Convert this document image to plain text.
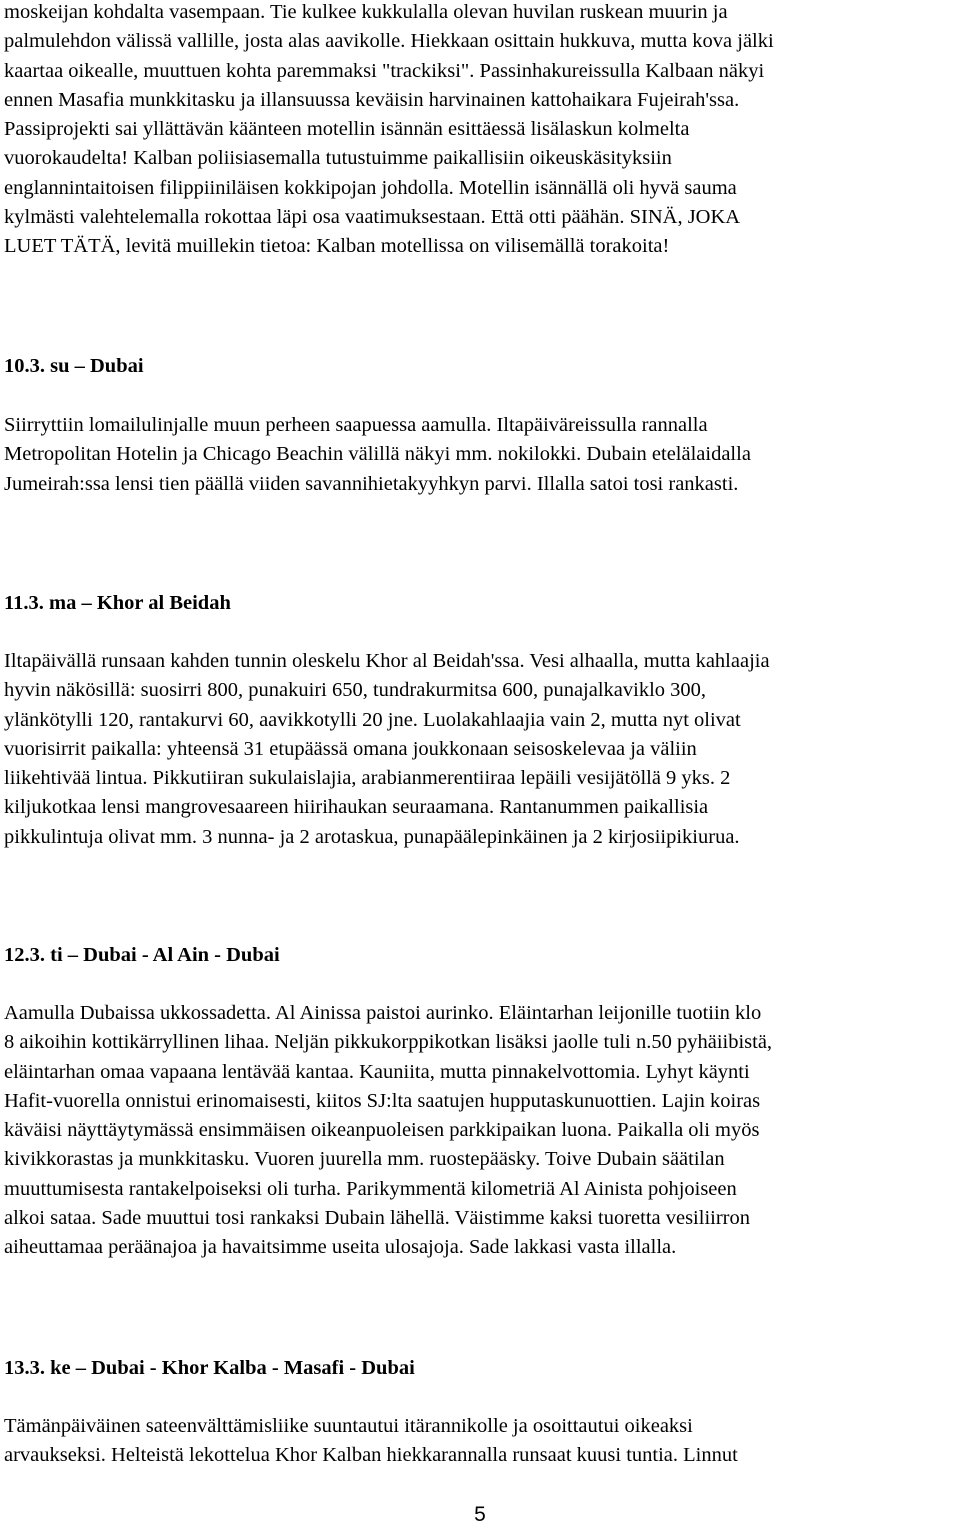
moskeijan kohdalta vasempaan. Tie kulkee kukkulalla olevan huvilan ruskean muurin ja
palmulehdon välissä vallille, josta alas aavikolle. Hiekkaan osittain hukkuva, mutta kova jälki
kaartaa oikealle, muuttuen kohta paremmaksi "trackiksi". Passinhakureissulla Kalbaan näkyi
ennen Masafia munkkitasku ja illansuussa keväisin harvinainen kattohaikara Fujeirah'ssa.
Passiprojekti sai yllättävän käänteen motellin isännän esittäessä lisälaskun kolmelta
vuorokaudelta! Kalban poliisiasemalla tutustuimme paikallisiin oikeuskäsityksiin
englannintaitoisen filippiiniläisen kokkipojan johdolla. Motellin isännällä oli hyvä sauma
kylmästi valehtelemalla rokottaa läpi osa vaatimuksestaan. Että otti päähän. SINÄ, JOKA
LUET TÄTÄ, levitä muillekin tietoa: Kalban motellissa on vilisemällä torakoita!

10.3. su – Dubai

Siirryttiin lomailulinjalle muun perheen saapuessa aamulla. Iltapäiväreissulla rannalla
Metropolitan Hotelin ja Chicago Beachin välillä näkyi mm. nokilokki. Dubain etelälaidalla
Jumeirah:ssa lensi tien päällä viiden savannihietakyyhkyn parvi. Illalla satoi tosi rankasti.

11.3. ma – Khor al Beidah

Iltapäivällä runsaan kahden tunnin oleskelu Khor al Beidah'ssa. Vesi alhaalla, mutta kahlaajia
hyvin näkösillä: suosirri 800, punakuiri 650, tundrakurmitsa 600, punajalkaviklo 300,
ylänkötylli 120, rantakurvi 60, aavikkotylli 20 jne. Luolakahlaajia vain 2, mutta nyt olivat
vuorisirrit paikalla: yhteensä 31 etupäässä omana joukkonaan seisoskelevaa ja väliin
liikehtivää lintua. Pikkutiiran sukulaislajia, arabianmerentiiraa lepäili vesijätöllä 9 yks. 2
kiljukotkaa lensi mangrovesaareen hiirihaukan seuraamana. Rantanummen paikallisia
pikkulintuja olivat mm. 3 nunna- ja 2 arotaskua, punapäälepinkäinen ja 2 kirjosiipikiurua.

12.3. ti – Dubai - Al Ain - Dubai

Aamulla Dubaissa ukkossadetta. Al Ainissa paistoi aurinko. Eläintarhan leijonille tuotiin klo
8 aikoihin kottikärryllinen lihaa. Neljän pikkukorppikotkan lisäksi jaolle tuli n.50 pyhäiibistä,
eläintarhan omaa vapaana lentävää kantaa. Kauniita, mutta pinnakelvottomia. Lyhyt käynti
Hafit-vuorella onnistui erinomaisesti, kiitos SJ:lta saatujen hupputaskunuottien. Lajin koiras
käväisi näyttäytymässä ensimmäisen oikeanpuoleisen parkkipaikan luona. Paikalla oli myös
kivikkorastas ja munkkitasku. Vuoren juurella mm. ruostepääsky. Toive Dubain säätilan
muuttumisesta rantakelpoiseksi oli turha. Parikymmentä kilometriä Al Ainista pohjoiseen
alkoi sataa. Sade muuttui tosi rankaksi Dubain lähellä. Väistimme kaksi tuoretta vesiliirron
aiheuttamaa peräänajoa ja havaitsimme useita ulosajoja. Sade lakkasi vasta illalla.

13.3. ke – Dubai - Khor Kalba - Masafi - Dubai

Tämänpäiväinen sateenvälttämisliike suuntautui itärannikolle ja osoittautui oikeaksi
arvaukseksi. Helteistä lekottelua Khor Kalban hiekkarannalla runsaat kuusi tuntia. Linnut

5
